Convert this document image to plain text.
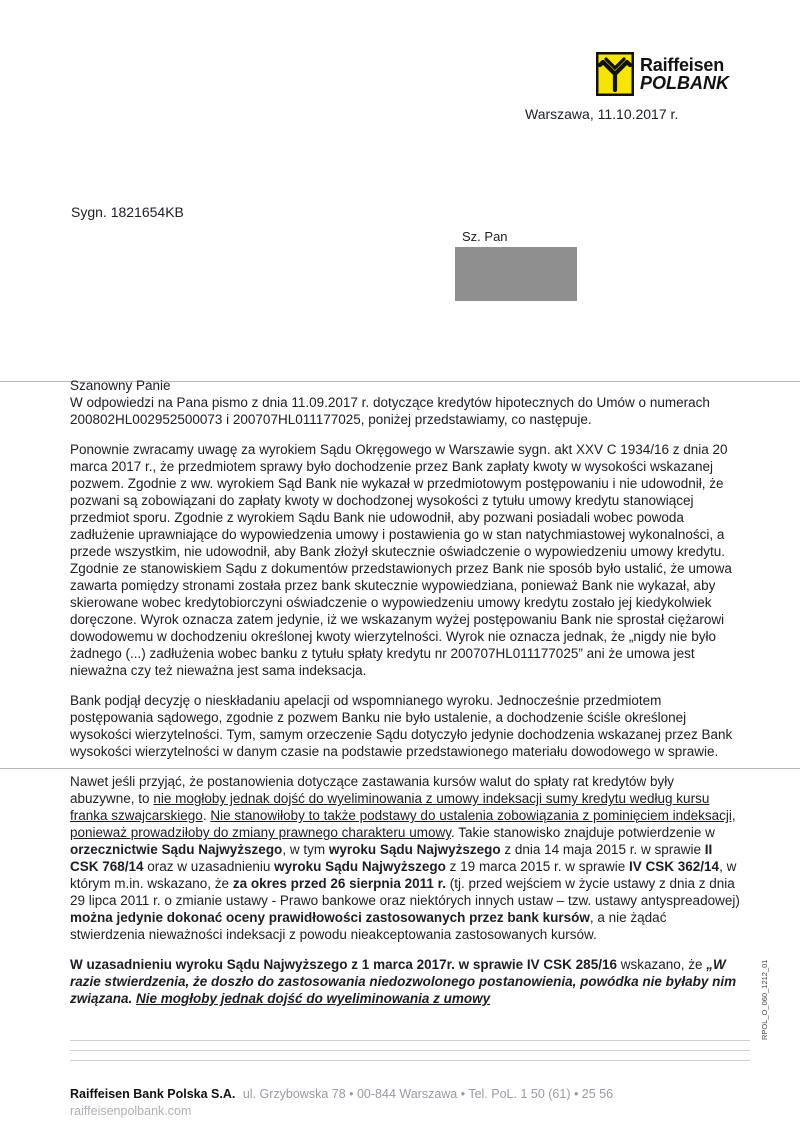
Raiffeisen
POLBANK
Warszawa, 11.10.2017 r.
Sygn. 1821654KB
Sz. Pan

Szanowny Panie

W odpowiedzi na Pana pismo z dnia 11.09.2017 r. dotyczące kredytów hipotecznych do Umów o numerach 200802HL002952500073 i 200707HL011177025, poniżej przedstawiamy, co następuje.

Ponownie zwracamy uwagę za wyrokiem Sądu Okręgowego w Warszawie sygn. akt XXV C 1934/16 z dnia 20 marca 2017 r., że przedmiotem sprawy było dochodzenie przez Bank zapłaty kwoty w wysokości wskazanej pozwem. Zgodnie z ww. wyrokiem Sąd Bank nie wykazał w przedmiotowym postępowaniu i nie udowodnił, że pozwani są zobowiązani do zapłaty kwoty w dochodzonej wysokości z tytułu umowy kredytu stanowiącej przedmiot sporu. Zgodnie z wyrokiem Sądu Bank nie udowodnił, aby pozwani posiadali wobec powoda zadłużenie uprawniające do wypowiedzenia umowy i postawienia go w stan natychmiastowej wykonalności, a przede wszystkim, nie udowodnił, aby Bank złożył skutecznie oświadczenie o wypowiedzeniu umowy kredytu. Zgodnie ze stanowiskiem Sądu z dokumentów przedstawionych przez Bank nie sposób było ustalić, że umowa zawarta pomiędzy stronami została przez bank skutecznie wypowiedziana, ponieważ Bank nie wykazał, aby skierowane wobec kredytobiorczyni oświadczenie o wypowiedzeniu umowy kredytu zostało jej kiedykolwiek doręczone. Wyrok oznacza zatem jedynie, iż we wskazanym wyżej postępowaniu Bank nie sprostał ciężarowi dowodowemu w dochodzeniu określonej kwoty wierzytelności. Wyrok nie oznacza jednak, że „nigdy nie było żadnego (...) zadłużenia wobec banku z tytułu spłaty kredytu nr 200707HL011177025” ani że umowa jest nieważna czy też nieważna jest sama indeksacja.

Bank podjął decyzję o nieskładaniu apelacji od wspomnianego wyroku. Jednocześnie przedmiotem postępowania sądowego, zgodnie z pozwem Banku nie było ustalenie, a dochodzenie ściśle określonej wysokości wierzytelności. Tym, samym orzeczenie Sądu dotyczyło jedynie dochodzenia wskazanej przez Bank wysokości wierzytelności w danym czasie na podstawie przedstawionego materiału dowodowego w sprawie.

Nawet jeśli przyjąć, że postanowienia dotyczące zastawania kursów walut do spłaty rat kredytów były abuzywne, to nie mogłoby jednak dojść do wyeliminowania z umowy indeksacji sumy kredytu według kursu franka szwajcarskiego. Nie stanowiłoby to także podstawy do ustalenia zobowiązania z pominięciem indeksacji, ponieważ prowadziłoby do zmiany prawnego charakteru umowy. Takie stanowisko znajduje potwierdzenie w orzecznictwie Sądu Najwyższego, w tym wyroku Sądu Najwyższego z dnia 14 maja 2015 r. w sprawie II CSK 768/14 oraz w uzasadnieniu wyroku Sądu Najwyższego z 19 marca 2015 r. w sprawie IV CSK 362/14, w którym m.in. wskazano, że za okres przed 26 sierpnia 2011 r. (tj. przed wejściem w życie ustawy z dnia z dnia 29 lipca 2011 r. o zmianie ustawy - Prawo bankowe oraz niektórych innych ustaw – tzw. ustawy antyspreadowej) można jedynie dokonać oceny prawidłowości zastosowanych przez bank kursów, a nie żądać stwierdzenia nieważności indeksacji z powodu nieakceptowania zastosowanych kursów.

W uzasadnieniu wyroku Sądu Najwyższego z 1 marca 2017r. w sprawie IV CSK 285/16 wskazano, że „W razie stwierdzenia, że doszło do zastosowania niedozwolonego postanowienia, powódka nie byłaby nim związana. Nie mogłoby jednak dojść do wyeliminowania z umowy

Raiffeisen Bank Polska S.A. ul. Grzybowska 78 • 00-844 Warszawa • Tel. PoL. 1 50 (61) • 25 56
raiffeisenpolbank.com
RPOL_O_060_1212_01
